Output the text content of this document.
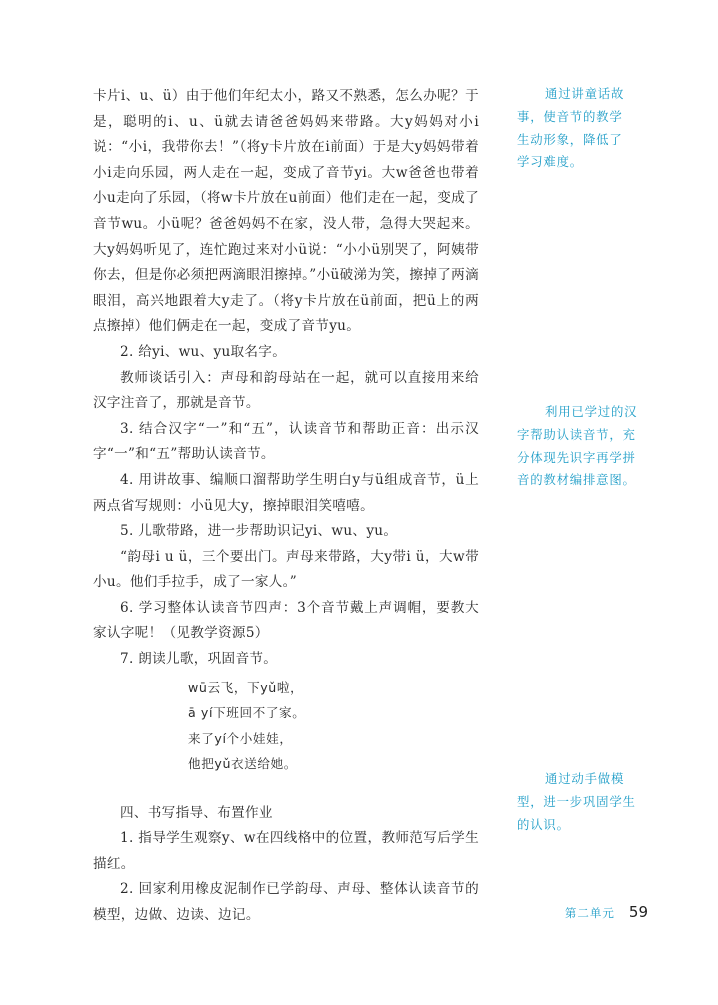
卡片i、u、ü）由于他们年纪太小，路又不熟悉，怎么办呢？于是，聪明的i、u、ü就去请爸爸妈妈来带路。大y妈妈对小i说：“小i，我带你去！”（将y卡片放在i前面）于是大y妈妈带着小i走向乐园，两人走在一起，变成了音节yi。大w爸爸也带着小u走向了乐园，（将w卡片放在u前面）他们走在一起，变成了音节wu。小ü呢？爸爸妈妈不在家，没人带，急得大哭起来。大y妈妈听见了，连忙跑过来对小ü说：“小小ü别哭了，阿姨带你去，但是你必须把两滴眼泪擦掉。”小ü破涕为笑，擦掉了两滴眼泪，高兴地跟着大y走了。（将y卡片放在ü前面，把ü上的两点擦掉）他们俩走在一起，变成了音节yu。

2. 给yi、wu、yu取名字。

教师谈话引入：声母和韵母站在一起，就可以直接用来给汉字注音了，那就是音节。

3. 结合汉字“一”和“五”，认读音节和帮助正音：出示汉字“一”和“五”帮助认读音节。

4. 用讲故事、编顺口溜帮助学生明白y与ü组成音节，ü上两点省写规则：小ü见大y，擦掉眼泪笑嘻嘻。

5. 儿歌带路，进一步帮助识记yi、wu、yu。

“韵母i u ü，三个要出门。声母来带路，大y带i ü，大w带小u。他们手拉手，成了一家人。”

6. 学习整体认读音节四声：3个音节戴上声调帽，要教大家认字呢！（见教学资源5）

7. 朗读儿歌，巩固音节。

wū云飞，下yǔ啦，
ā yí下班回不了家。
来了yí个小娃娃，
他把yǔ衣送给她。

四、书写指导、布置作业

1. 指导学生观察y、w在四线格中的位置，教师范写后学生描红。

2. 回家利用橡皮泥制作已学韵母、声母、整体认读音节的模型，边做、边读、边记。

通过讲童话故
事，使音节的教学
生动形象，降低了
学习难度。
利用已学过的汉
字帮助认读音节，充
分体现先识字再学拼
音的教材编排意图。
通过动手做模
型，进一步巩固学生
的认识。
第二单元 59
